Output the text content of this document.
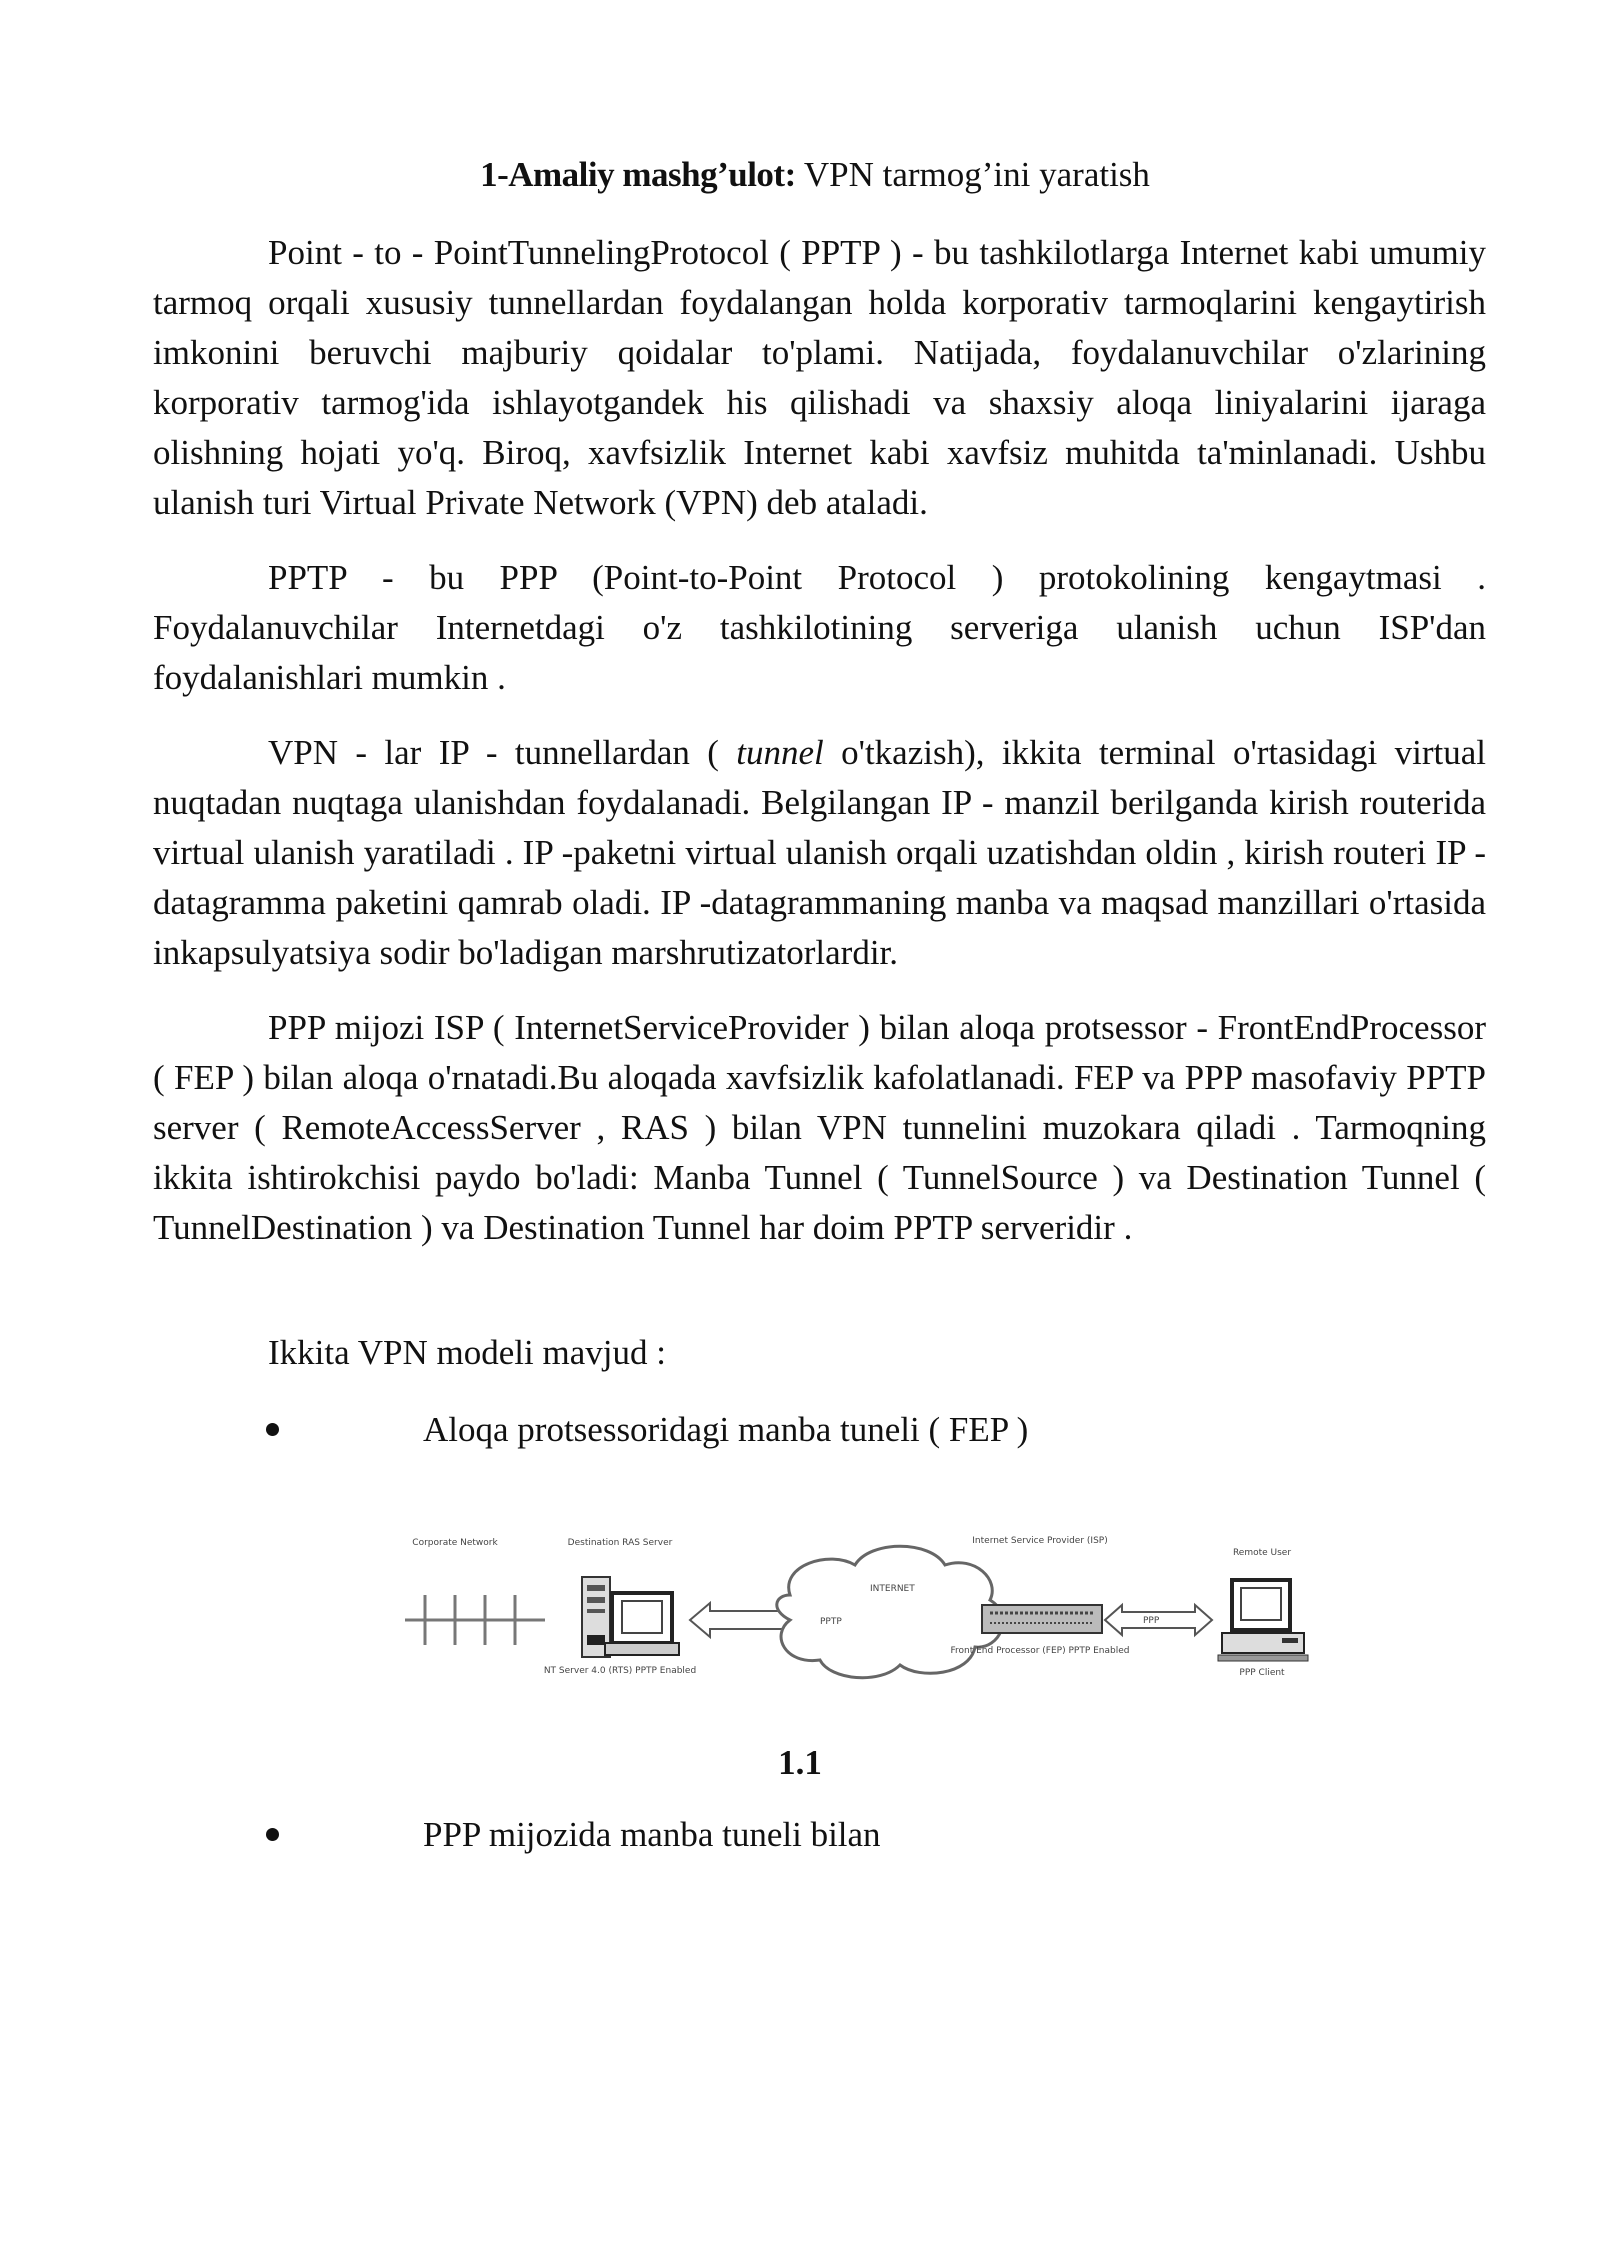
1-Amaliy mashg’ulot: VPN tarmog’ini yaratish

Point - to - PointTunnelingProtocol ( PPTP ) - bu tashkilotlarga Internet kabi umumiy tarmoq orqali xususiy tunnellardan foydalangan holda korporativ tarmoqlarini kengaytirish imkonini beruvchi majburiy qoidalar to'plami. Natijada, foydalanuvchilar o'zlarining korporativ tarmog'ida ishlayotgandek his qilishadi va shaxsiy aloqa liniyalarini ijaraga olishning hojati yo'q. Biroq, xavfsizlik Internet kabi xavfsiz muhitda ta'minlanadi. Ushbu ulanish turi Virtual Private Network (VPN) deb ataladi.

PPTP - bu PPP (Point-to-Point Protocol ) protokolining kengaytmasi . Foydalanuvchilar Internetdagi o'z tashkilotining serveriga ulanish uchun ISP'dan foydalanishlari mumkin .

VPN - lar IP - tunnellardan ( tunnel o'tkazish), ikkita terminal o'rtasidagi virtual nuqtadan nuqtaga ulanishdan foydalanadi. Belgilangan IP - manzil berilganda kirish routerida virtual ulanish yaratiladi . IP -paketni virtual ulanish orqali uzatishdan oldin , kirish routeri IP - datagramma paketini qamrab oladi. IP -datagrammaning manba va maqsad manzillari o'rtasida inkapsulyatsiya sodir bo'ladigan marshrutizatorlardir.

PPP mijozi ISP ( InternetServiceProvider ) bilan aloqa protsessor - FrontEndProcessor ( FEP ) bilan aloqa o'rnatadi.Bu aloqada xavfsizlik kafolatlanadi. FEP va PPP masofaviy PPTP server ( RemoteAccessServer , RAS ) bilan VPN tunnelini muzokara qiladi . Tarmoqning ikkita ishtirokchisi paydo bo'ladi: Manba Tunnel ( TunnelSource ) va Destination Tunnel ( TunnelDestination ) va Destination Tunnel har doim PPTP serveridir .

Ikkita VPN modeli mavjud :

Aloqa protsessoridagi manba tuneli ( FEP )
Corporate Network	Destination RAS Server
NT Server 4.0 (RTS) PPTP Enabled
INTERNET
PPTP
Internet Service Provider (ISP)
Front End Processor (FEP) PPTP Enabled
PPP
Remote User
PPP Client
1.1
PPP mijozida manba tuneli bilan
